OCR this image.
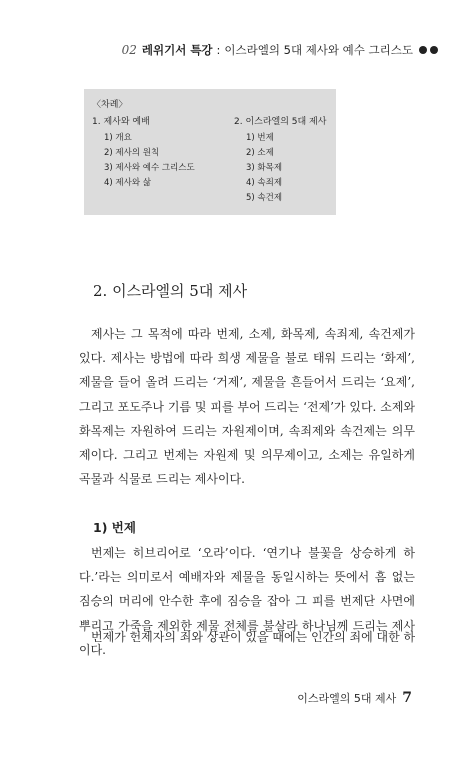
02 레위기서 특강 : 이스라엘의 5대 제사와 예수 그리스도
〈차례〉
1. 제사와 예배
1) 개요
2) 제사의 원칙
3) 제사와 예수 그리스도
4) 제사와 삶
2. 이스라엘의 5대 제사
1) 번제
2) 소제
3) 화목제
4) 속죄제
5) 속건제
2. 이스라엘의 5대 제사

제사는 그 목적에 따라 번제, 소제, 화목제, 속죄제, 속건제가 있다. 제사는 방법에 따라 희생 제물을 불로 태워 드리는 ‘화제’, 제물을 들어 올려 드리는 ‘거제’, 제물을 흔들어서 드리는 ‘요제’, 그리고 포도주나 기름 및 피를 부어 드리는 ‘전제’가 있다. 소제와 화목제는 자원하여 드리는 자원제이며, 속죄제와 속건제는 의무제이다. 그리고 번제는 자원제 및 의무제이고, 소제는 유일하게 곡물과 식물로 드리는 제사이다.

1) 번제

번제는 히브리어로 ‘오라’이다. ‘연기나 불꽃을 상승하게 하다.’라는 의미로서 예배자와 제물을 동일시하는 뜻에서 흠 없는 짐승의 머리에 안수한 후에 짐승을 잡아 그 피를 번제단 사면에 뿌리고 가죽을 제외한 제물 전체를 불살라 하나님께 드리는 제사이다.

번제가 헌제자의 죄와 상관이 있을 때에는 인간의 죄에 대한 하

이스라엘의 5대 제사 7
